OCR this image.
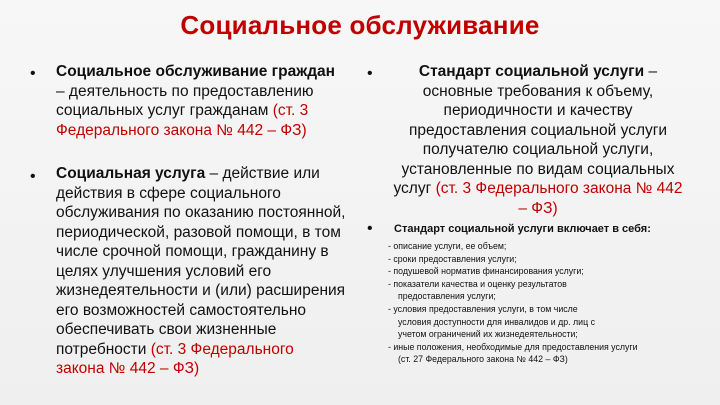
Социальное обслуживание
• Социальное обслуживание граждан – деятельность по предоставлению социальных услуг гражданам (ст. 3 Федерального закона № 442 – ФЗ)
• Социальная услуга – действие или действия в сфере социального обслуживания по оказанию постоянной, периодической, разовой помощи, в том числе срочной помощи, гражданину в целях улучшения условий его жизнедеятельности и (или) расширения его возможностей самостоятельно обеспечивать свои жизненные потребности (ст. 3 Федерального закона № 442 – ФЗ)
•	Стандарт социальной услуги – основные требования к объему, периодичности и качеству предоставления социальной услуги получателю социальной услуги, установленные по видам социальных услуг (ст. 3 Федерального закона № 442 – ФЗ)
• Стандарт социальной услуги включает в себя:
- описание услуги, ее объем;
- сроки предоставления услуги;
- подушевой норматив финансирования услуги;
- показатели качества и оценку результатов
предоставления услуги;
- условия предоставления услуги, в том числе
условия доступности для инвалидов и др. лиц с
учетом ограничений их жизнедеятельности;
- иные положения, необходимые для предоставления услуги
(ст. 27 Федерального закона № 442 – ФЗ)
